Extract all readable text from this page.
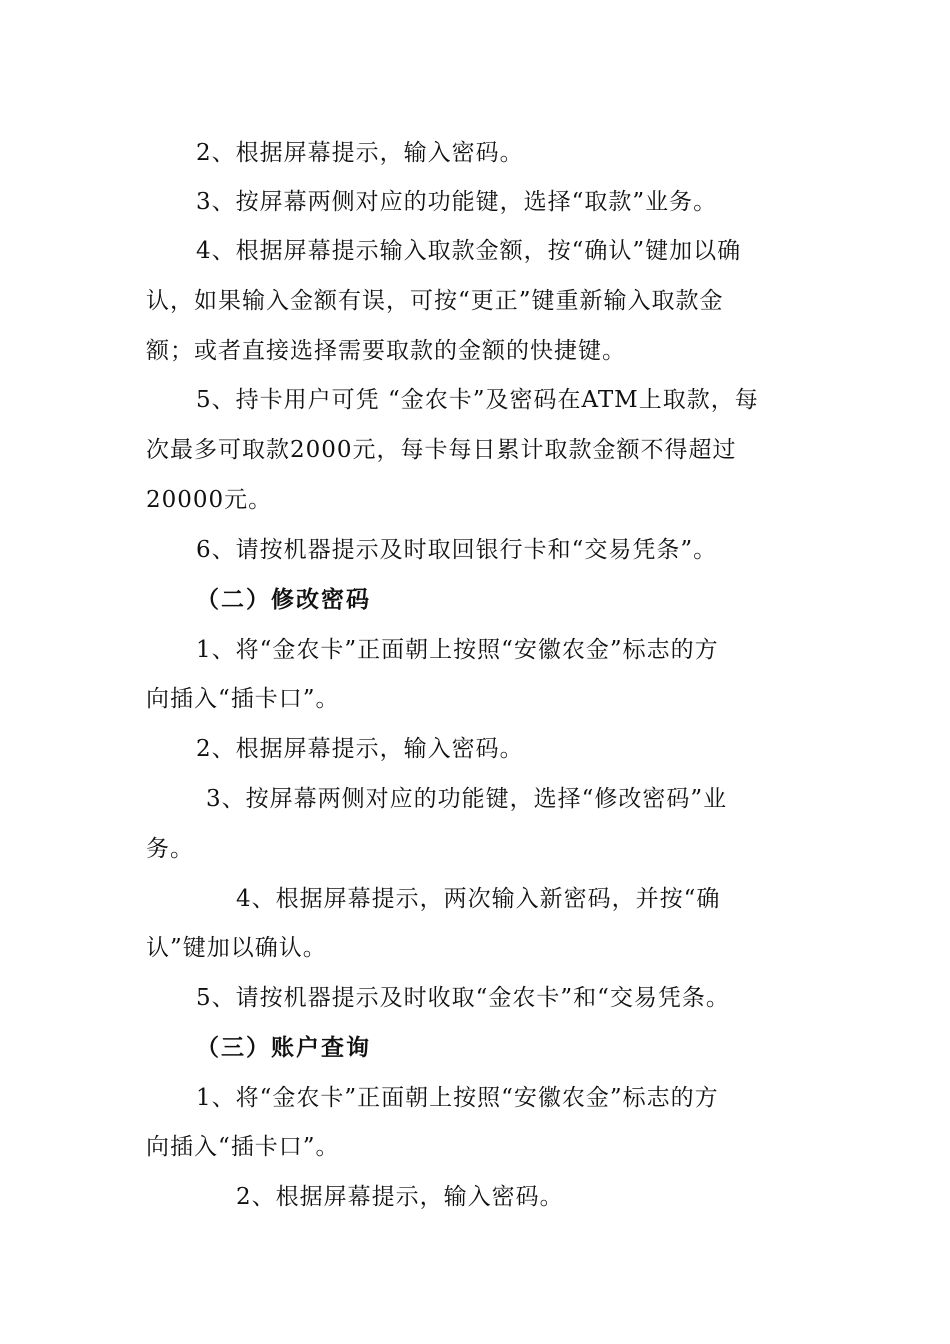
2、根据屏幕提示，输入密码。
3、按屏幕两侧对应的功能键，选择“取款”业务。
4、根据屏幕提示输入取款金额，按“确认”键加以确
认，如果输入金额有误，可按“更正”键重新输入取款金
额；或者直接选择需要取款的金额的快捷键。
5、持卡用户可凭 “金农卡”及密码在ATM上取款，每
次最多可取款2000元，每卡每日累计取款金额不得超过
20000元。
6、请按机器提示及时取回银行卡和“交易凭条”。
（二）修改密码
1、将“金农卡”正面朝上按照“安徽农金”标志的方
向插入“插卡口”。
2、根据屏幕提示，输入密码。
3、按屏幕两侧对应的功能键，选择“修改密码”业
务。
4、根据屏幕提示，两次输入新密码，并按“确
认”键加以确认。
5、请按机器提示及时收取“金农卡”和“交易凭条。
（三）账户查询
1、将“金农卡”正面朝上按照“安徽农金”标志的方
向插入“插卡口”。
2、根据屏幕提示，输入密码。
